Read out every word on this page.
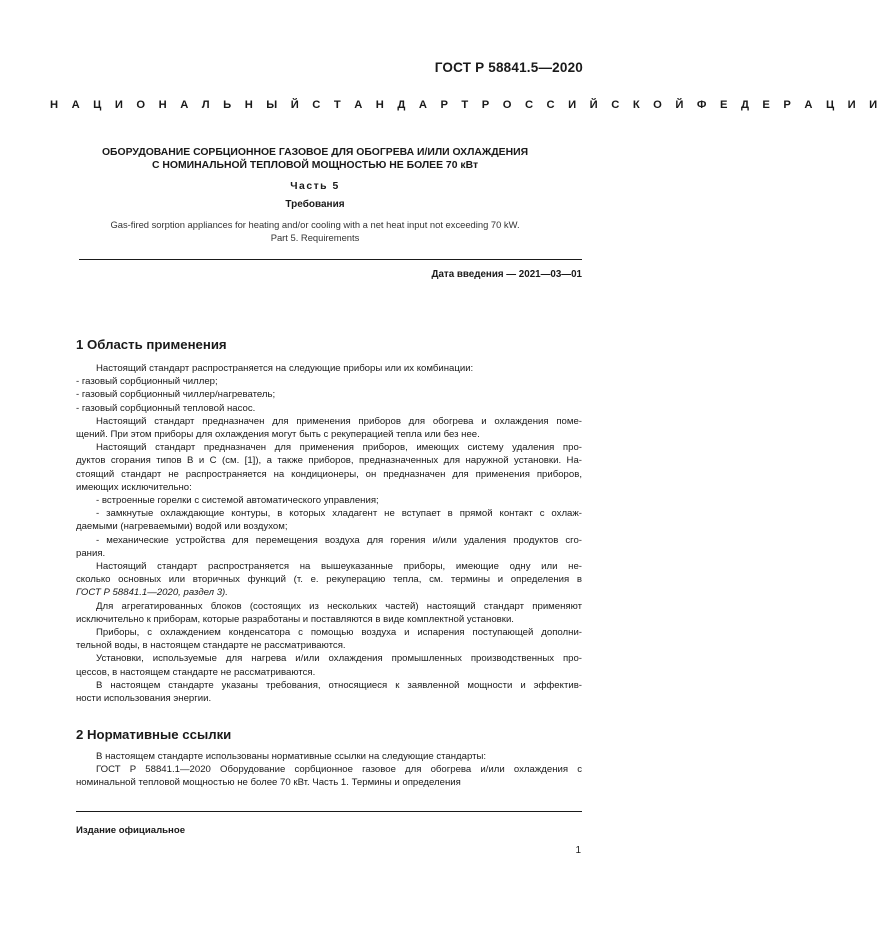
ГОСТ Р 58841.5—2020
Н А Ц И О Н А Л Ь Н Ы Й С Т А Н Д А Р Т Р О С С И Й С К О Й Ф Е Д Е Р А Ц И И
ОБОРУДОВАНИЕ СОРБЦИОННОЕ ГАЗОВОЕ ДЛЯ ОБОГРЕВА И/ИЛИ ОХЛАЖДЕНИЯ
С НОМИНАЛЬНОЙ ТЕПЛОВОЙ МОЩНОСТЬЮ НЕ БОЛЕЕ 70 кВт
Часть 5
Требования
Gas-fired sorption appliances for heating and/or cooling with a net heat input not exceeding 70 kW.
Part 5. Requirements
Дата введения — 2021—03—01
1 Область применения
Настоящий стандарт распространяется на следующие приборы или их комбинации:
- газовый сорбционный чиллер;
- газовый сорбционный чиллер/нагреватель;
- газовый сорбционный тепловой насос.
Настоящий стандарт предназначен для применения приборов для обогрева и охлаждения поме-
щений. При этом приборы для охлаждения могут быть с рекуперацией тепла или без нее.
Настоящий стандарт предназначен для применения приборов, имеющих систему удаления про-
дуктов сгорания типов В и С (см. [1]), а также приборов, предназначенных для наружной установки. На-
стоящий стандарт не распространяется на кондиционеры, он предназначен для применения приборов,
имеющих исключительно:
- встроенные горелки с системой автоматического управления;
- замкнутые охлаждающие контуры, в которых хладагент не вступает в прямой контакт с охлаж-
даемыми (нагреваемыми) водой или воздухом;
- механические устройства для перемещения воздуха для горения и/или удаления продуктов сго-
рания.
Настоящий стандарт распространяется на вышеуказанные приборы, имеющие одну или не-
сколько основных или вторичных функций (т. е. рекуперацию тепла, см. термины и определения в
ГОСТ Р 58841.1—2020, раздел 3).
Для агрегатированных блоков (состоящих из нескольких частей) настоящий стандарт применяют
исключительно к приборам, которые разработаны и поставляются в виде комплектной установки.
Приборы, с охлаждением конденсатора с помощью воздуха и испарения поступающей дополни-
тельной воды, в настоящем стандарте не рассматриваются.
Установки, используемые для нагрева и/или охлаждения промышленных производственных про-
цессов, в настоящем стандарте не рассматриваются.
В настоящем стандарте указаны требования, относящиеся к заявленной мощности и эффектив-
ности использования энергии.
2 Нормативные ссылки
В настоящем стандарте использованы нормативные ссылки на следующие стандарты:
ГОСТ Р 58841.1—2020 Оборудование сорбционное газовое для обогрева и/или охлаждения с
номинальной тепловой мощностью не более 70 кВт. Часть 1. Термины и определения
Издание официальное
1
